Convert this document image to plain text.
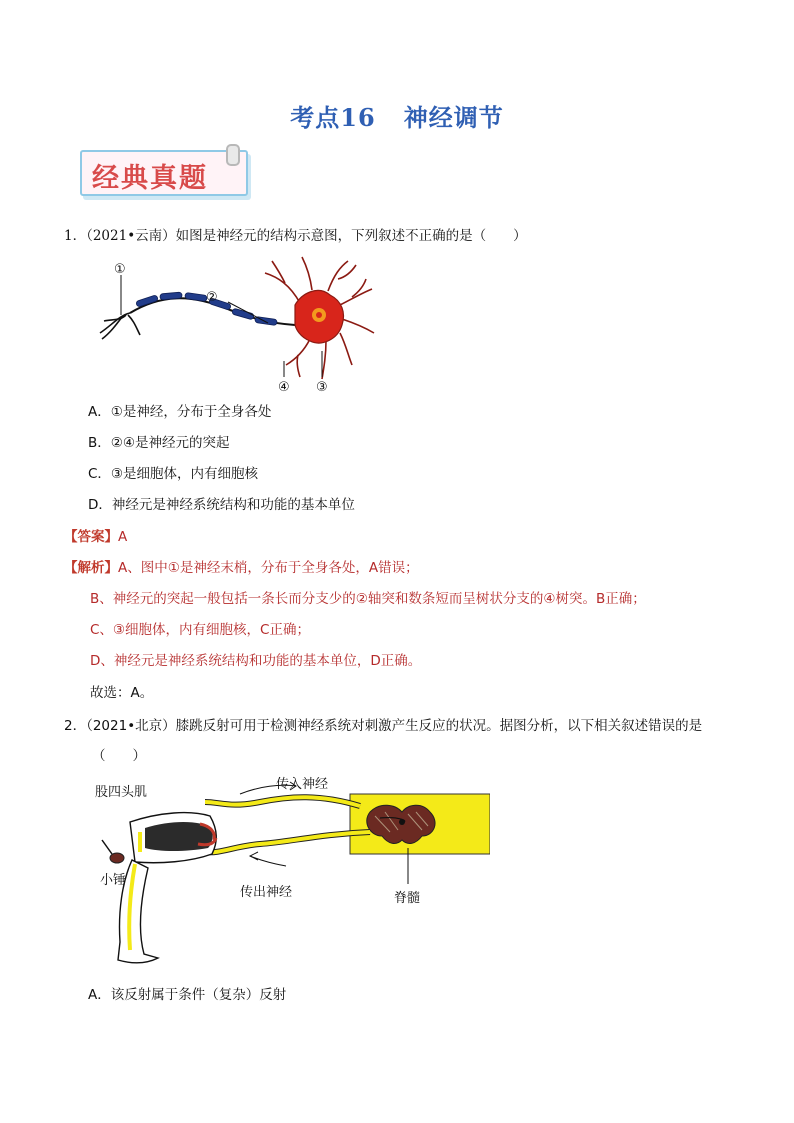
考点16 神经调节
经典真题
1．（2021•云南）如图是神经元的结构示意图，下列叙述不正确的是（　　）
①
②
④ ③
A．①是神经，分布于全身各处
B．②④是神经元的突起
C．③是细胞体，内有细胞核
D．神经元是神经系统结构和功能的基本单位
【答案】A
【解析】A、图中①是神经末梢，分布于全身各处，A错误；
B、神经元的突起一般包括一条长而分支少的②轴突和数条短而呈树状分支的④树突。B正确；
C、③细胞体，内有细胞核，C正确；
D、神经元是神经系统结构和功能的基本单位，D正确。
故选：A。
2．（2021•北京）膝跳反射可用于检测神经系统对刺激产生反应的状况。据图分析，以下相关叙述错误的是
（　　）
股四头肌
传入神经
小锤
传出神经	脊髓
A．该反射属于条件（复杂）反射
